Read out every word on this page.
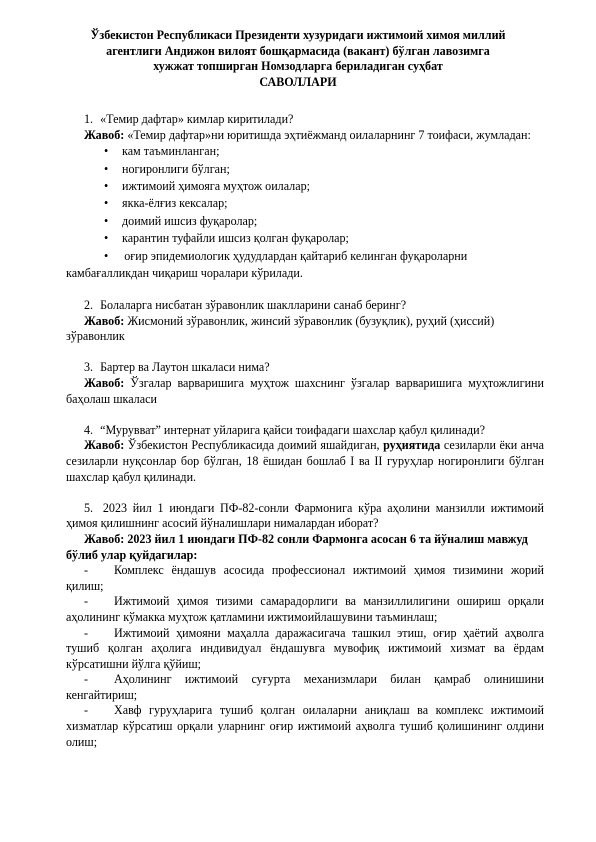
Ўзбекистон Республикаси Президенти хузуридаги ижтимоий химоя миллий
агентлиги Андижон вилоят бошқармасида (вакант) бўлган лавозимга
хужжат топширган Номзодларга бериладиган суҳбат
САВОЛЛАРИ

1. «Темир дафтар» кимлар киритилади?

Жавоб: «Темир дафтар»ни юритишда эҳтиёжманд оилаларнинг 7 тоифаси, жумладан:

• кам таъминланган;
• ногиронлиги бўлган;
• ижтимоий ҳимояга муҳтож оилалар;
• якка-ёлғиз кексалар;
• доимий ишсиз фуқаролар;
• карантин туфайли ишсиз қолган фуқаролар;

• оғир эпидемиологик ҳудудлардан қайтариб келинган фуқароларни камбағалликдан чиқариш чоралари кўрилади.

2. Болаларга нисбатан зўравонлик шаклларини санаб беринг?

Жавоб: Жисмоний зўравонлик, жинсий зўравонлик (бузуқлик), руҳий (ҳиссий) зўравонлик

3. Бартер ва Лаутон шкаласи нима?

Жавоб: Ўзгалар варваришига муҳтож шахснинг ўзгалар варваришига муҳтожлигини баҳолаш шкаласи

4. “Мурувват” интернат уйларига қайси тоифадаги шахслар қабул қилинади?

Жавоб: Ўзбекистон Республикасида доимий яшайдиган, руҳиятида сезиларли ёки анча сезиларли нуқсонлар бор бўлган, 18 ёшидан бошлаб I ва II гуруҳлар ногиронлиги бўлган шахслар қабул қилинади.

5. 2023 йил 1 июндаги ПФ-82-сонли Фармонига кўра аҳолини манзилли ижтимоий ҳимоя қилишнинг асосий йўналишлари нималардан иборат?

Жавоб: 2023 йил 1 июндаги ПФ-82 сонли Фармонга асосан 6 та йўналиш мавжуд бўлиб улар қуйдагилар:

- Комплекс ёндашув асосида профессионал ижтимоий ҳимоя тизимини жорий қилиш;

- Ижтимоий ҳимоя тизими самарадорлиги ва манзиллилигини ошириш орқали аҳолининг кўмакка муҳтож қатламини ижтимоийлашувини таъминлаш;

- Ижтимоий ҳимояни маҳалла даражасигача ташкил этиш, оғир ҳаётий аҳволга тушиб қолган аҳолига индивидуал ёндашувга мувофиқ ижтимоий хизмат ва ёрдам кўрсатишни йўлга қўйиш;

- Аҳолининг ижтимоий суғурта механизмлари билан қамраб олинишини кенгайтириш;

- Хавф гуруҳларига тушиб қолган оилаларни аниқлаш ва комплекс ижтимоий хизматлар кўрсатиш орқали уларнинг оғир ижтимоий аҳволга тушиб қолишининг олдини олиш;
